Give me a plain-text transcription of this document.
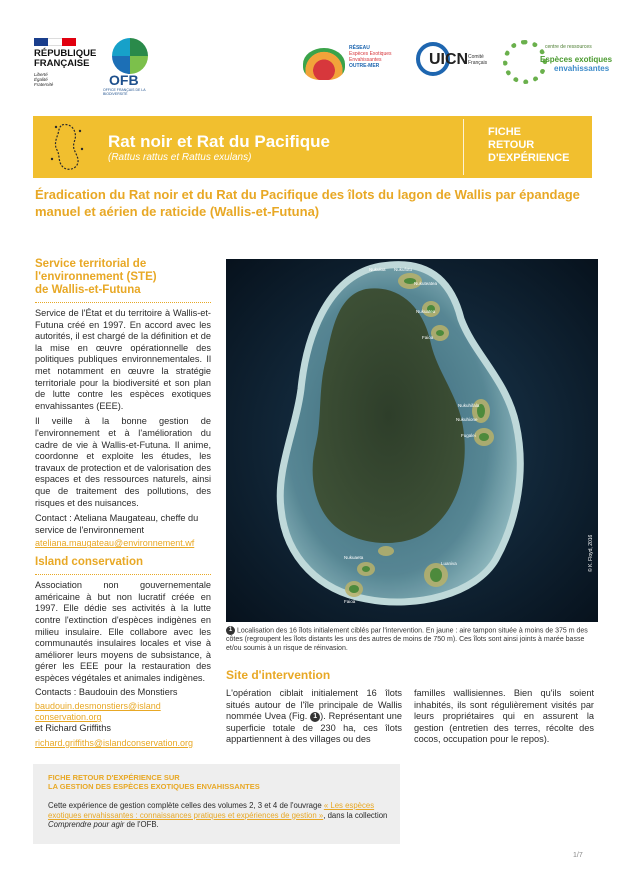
RÉPUBLIQUE
FRANÇAISE
Liberté
Égalité
Fraternité	OFB
OFFICE FRANÇAIS DE LA BIODIVERSITÉ
RÉSEAU
Espèces Exotiques
Envahissantes
OUTRE-MER	UICN Comité
Français
centre de ressources
Espèces exotiques
envahissantes
Rat noir et Rat du Pacifique
(Rattus rattus et Rattus exulans)
FICHE
RETOUR
D'EXPÉRIENCE
Éradication du Rat noir et du Rat du Pacifique des îlots du lagon de Wallis par épandage manuel et aérien de raticide (Wallis-et-Futuna)
Service territorial de
l'environnement (STE)
de Wallis-et-Futuna
Service de l'État et du territoire à Wallis-et-Futuna créé en 1997. En accord avec les autorités, il est chargé de la définition et de la mise en œuvre opérationnelle des politiques publiques environnementales. Il met notamment en œuvre la stratégie territoriale pour la biodiversité et son plan de lutte contre les espèces exotiques envahissantes (EEE).
Il veille à la bonne gestion de l'environnement et à l'amélioration du cadre de vie à Wallis-et-Futuna. Il anime, coordonne et exploite les études, les travaux de protection et de valorisation des espaces et des ressources naturels, ainsi que de traitement des pollutions, des risques et des nuisances.
Contact : Ateliana Maugateau, cheffe du service de l'environnement
ateliana.maugateau@environnement.wf
Island conservation
Association non gouvernementale américaine à but non lucratif créée en 1997. Elle dédie ses activités à la lutte contre l'extinction d'espèces indigènes en milieu insulaire. Elle collabore avec les communautés insulaires locales et vise à améliorer leurs moyens de subsistance, à gérer les EEE pour la restauration des espèces végétales et animales indigènes.
Contacts : Baudouin des Monstiers
baudouin.desmonstiers@island
conservation.org
et Richard Griffiths
richard.griffiths@islandconservation.org
Nukuloa Nukufotu
Nukuteatea
Nukuatea
Faioa
Nukuhifala
Nukuhione
Fugalei
Luaniva
Nukuaeta
Faioa
© K. Floyd, 2016
1 Localisation des 16 îlots initialement ciblés par l'intervention. En jaune : aire tampon située à moins de 375 m des côtes (regroupent les îlots distants les uns des autres de moins de 750 m). Ces îlots sont ainsi joints à marée basse et/ou soumis à un risque de réinvasion.
Site d'intervention
L'opération ciblait initialement 16 îlots situés autour de l'île principale de Wallis nommée Uvea (Fig. 1 ). Représentant une superficie totale de 230 ha, ces îlots appartiennent à des villages ou des
familles wallisiennes. Bien qu'ils soient inhabités, ils sont régulièrement visités par leurs propriétaires qui en assurent la gestion (entretien des terres, récolte des cocos, occupation pour le repos).
FICHE RETOUR D'EXPÉRIENCE SUR
LA GESTION DES ESPÈCES EXOTIQUES ENVAHISSANTES
Cette expérience de gestion complète celles des volumes 2, 3 et 4 de l'ouvrage « Les espèces exotiques envahissantes : connaissances pratiques et expériences de gestion », dans la collection Comprendre pour agir de l'OFB.
1/7
